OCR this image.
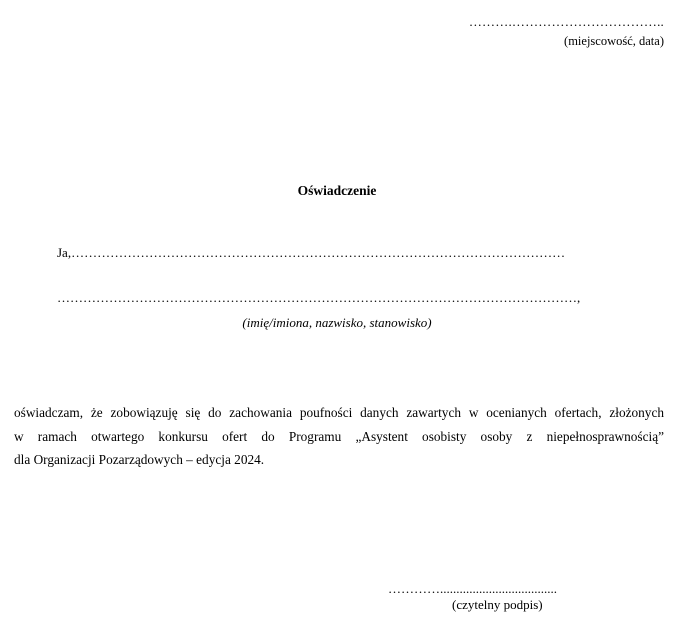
……….……………………………..
(miejscowość, data)
Oświadczenie
Ja,……………………………………………………………………………………………………
…………………………………………………………………………………………………………,
(imię/imiona, nazwisko, stanowisko)
oświadczam, że zobowiązuję się do zachowania poufności danych zawartych w ocenianych ofertach, złożonych
w ramach otwartego konkursu ofert do Programu „Asystent osobisty osoby z niepełnosprawnością”
dla Organizacji Pozarządowych – edycja 2024.
…………....................................
(czytelny podpis)
